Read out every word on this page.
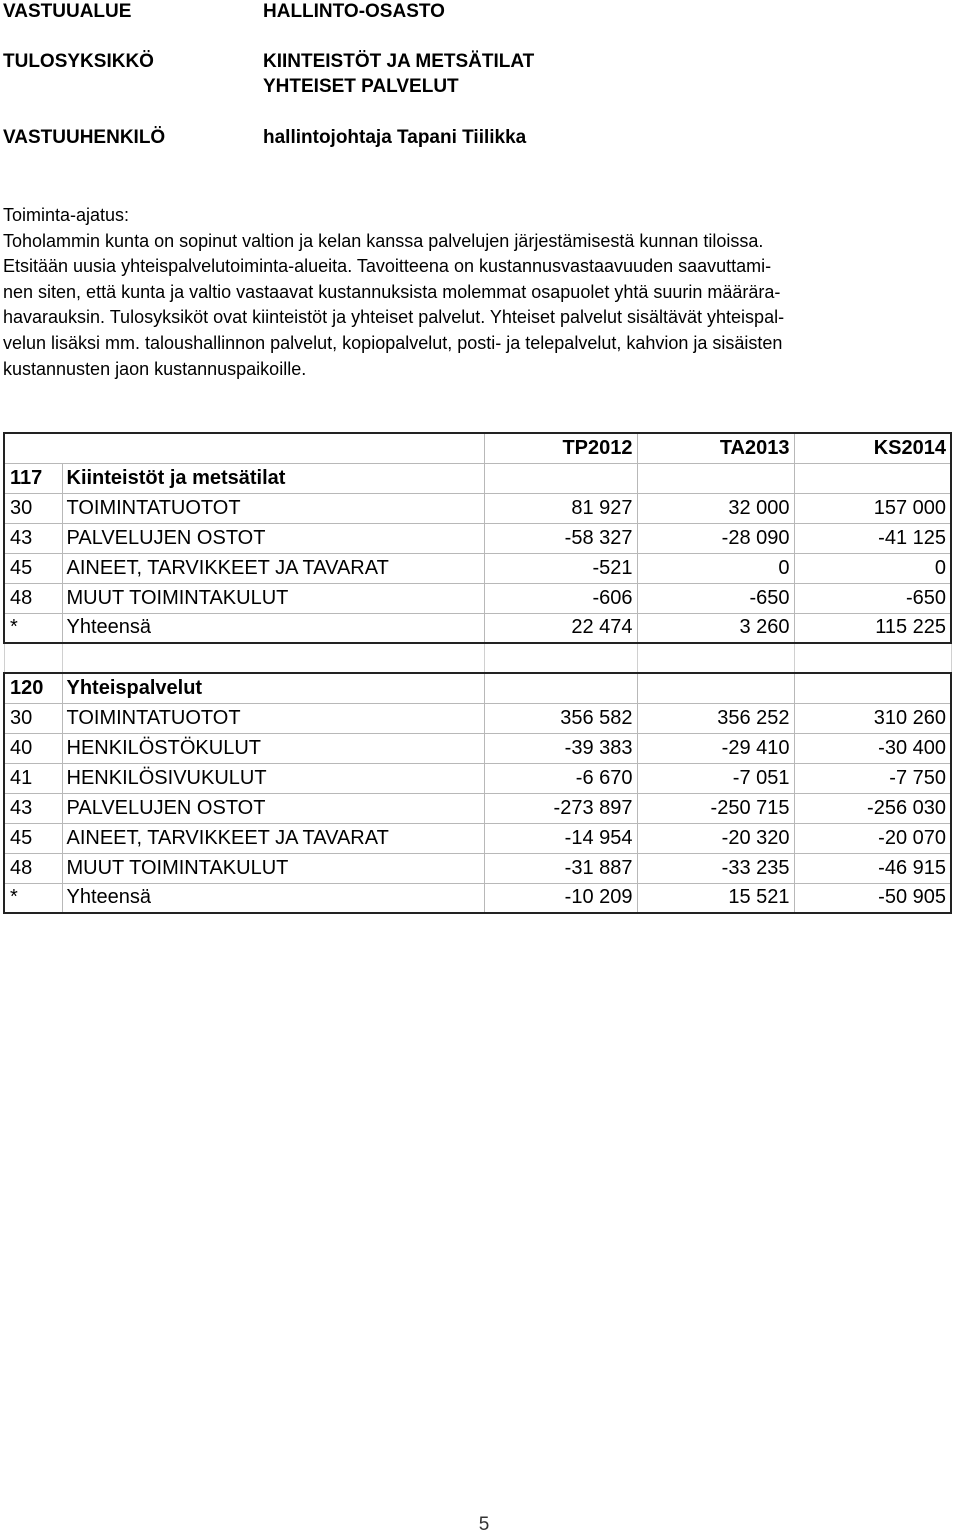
VASTUUALUE	HALLINTO-OSASTO
TULOSYKSIKKÖ	KIINTEISTÖT JA METSÄTILAT
YHTEISET PALVELUT
VASTUUHENKILÖ	hallintojohtaja Tapani Tiilikka

Toiminta-ajatus:

Toholammin kunta on sopinut valtion ja kelan kanssa palvelujen järjestämisestä kunnan tiloissa.

Etsitään uusia yhteispalvelutoiminta-alueita. Tavoitteena on kustannusvastaavuuden saavuttami-

nen siten, että kunta ja valtio vastaavat kustannuksista molemmat osapuolet yhtä suurin määrära-

havarauksin. Tulosyksiköt ovat kiinteistöt ja yhteiset palvelut. Yhteiset palvelut sisältävät yhteispal-

velun lisäksi mm. taloushallinnon palvelut, kopiopalvelut, posti- ja telepalvelut, kahvion ja sisäisten

kustannusten jaon kustannuspaikoille.

		TP2012	TA2013	KS2014
117	Kiinteistöt ja metsätilat			
30	TOIMINTATUOTOT	81 927	32 000	157 000
43	PALVELUJEN OSTOT	-58 327	-28 090	-41 125
45	AINEET, TARVIKKEET JA TAVARAT	-521	0	0
48	MUUT TOIMINTAKULUT	-606	-650	-650
*	Yhteensä	22 474	3 260	115 225

120	Yhteispalvelut			
30	TOIMINTATUOTOT	356 582	356 252	310 260
40	HENKILÖSTÖKULUT	-39 383	-29 410	-30 400
41	HENKILÖSIVUKULUT	-6 670	-7 051	-7 750
43	PALVELUJEN OSTOT	-273 897	-250 715	-256 030
45	AINEET, TARVIKKEET JA TAVARAT	-14 954	-20 320	-20 070
48	MUUT TOIMINTAKULUT	-31 887	-33 235	-46 915
*	Yhteensä	-10 209	15 521	-50 905
5
